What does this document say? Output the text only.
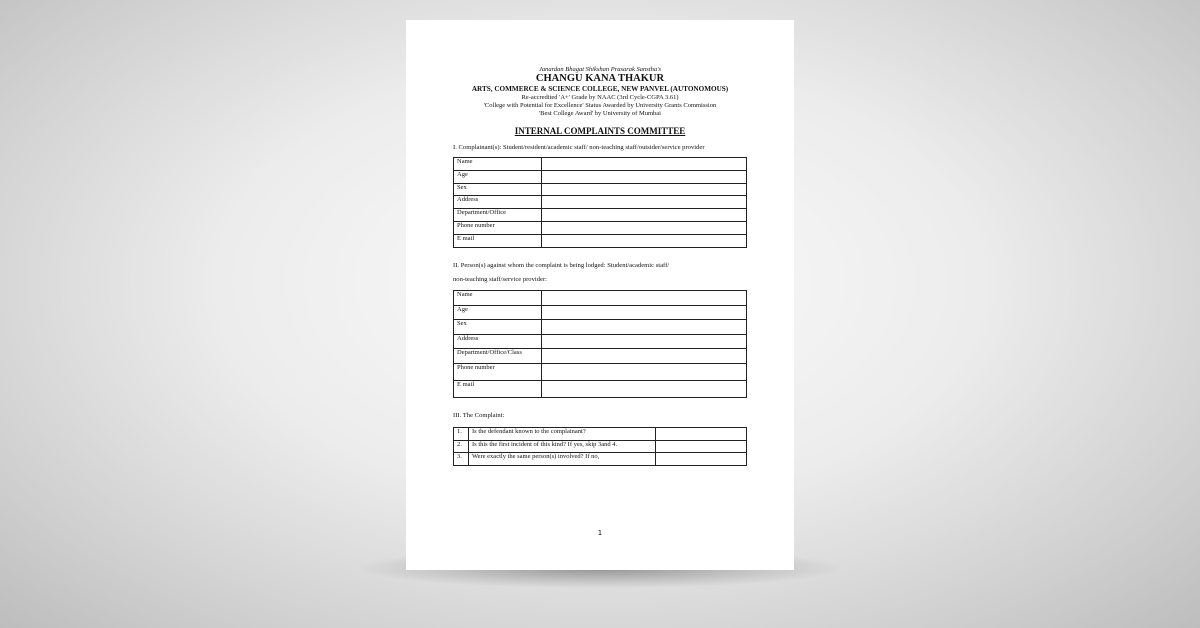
Janardan Bhagat Shikshan Prasarak Sanstha's
CHANGU KANA THAKUR
ARTS, COMMERCE & SCIENCE COLLEGE, NEW PANVEL (AUTONOMOUS)
Re-accredited 'A+' Grade by NAAC (3rd Cycle-CGPA 3.61)
'College with Potential for Excellence' Status Awarded by University Grants Commission
'Best College Award' by University of Mumbai
INTERNAL COMPLAINTS COMMITTEE
I. Complainant(s): Student/resident/academic staff/ non-teaching staff/outsider/service provider
Name	
Age	
Sex	
Address	
Department/Office	
Phone number	
E mail	
II. Person(s) against whom the complaint is being lodged: Student/academic staff/
non-teaching staff/service provider:
Name	
Age	
Sex	
Address	
Department/Office/Class	
Phone number	
E mail	
III. The Complaint:
1.	Is the defendant known to the complainant?	
2.	Is this the first incident of this kind? If yes, skip 3and 4.	
3.	Were exactly the same person(s) involved? If no,	
1
